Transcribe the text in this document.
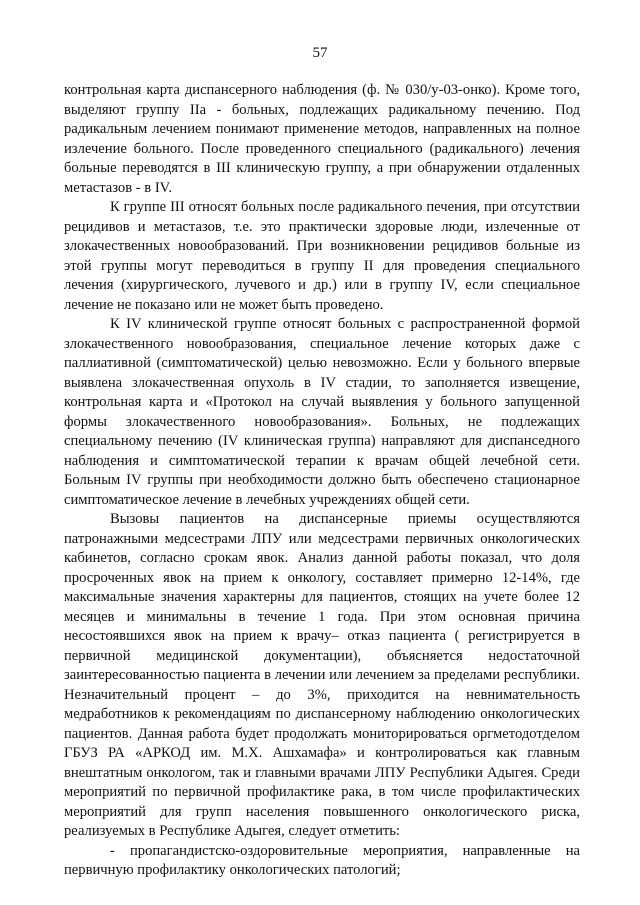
57

контрольная карта диспансерного наблюдения (ф. № 030/у-03-онко). Кроме того, выделяют группу IIа - больных, подлежащих радикальному печению. Под радикальным лечением понимают применение методов, направленных на полное излечение больного. После проведенного специального (радикального) лечения больные переводятся в III клиническую группу, а при обнаружении отдаленных метастазов - в IV.

К группе III относят больных после радикального печения, при отсутствии рецидивов и метастазов, т.е. это практически здоровые люди, излеченные от злокачественных новообразований. При возникновении рецидивов больные из этой группы могут переводиться в группу II для проведения специального лечения (хирургического, лучевого и др.) или в группу IV, если специальное лечение не показано или не может быть проведено.

К IV клинической группе относят больных с распространенной формой злокачественного новообразования, специальное лечение которых даже с паллиативной (симптоматической) целью невозможно. Если у больного впервые выявлена злокачественная опухоль в IV стадии, то заполняется извещение, контрольная карта и «Протокол на случай выявления у больного запущенной формы злокачественного новообразования». Больных, не подлежащих специальному печению (IV клиническая группа) направляют для диспанседного наблюдения и симптоматической терапии к врачам общей лечебной сети. Больным IV группы при необходимости должно быть обеспечено стационарное симптоматическое лечение в лечебных учреждениях общей сети.

Вызовы пациентов на диспансерные приемы осуществляются патронажными медсестрами ЛПУ или медсестрами первичных онкологических кабинетов, согласно срокам явок. Анализ данной работы показал, что доля просроченных явок на прием к онкологу, составляет примерно 12-14%, где максимальные значения характерны для пациентов, стоящих на учете более 12 месяцев и минимальны в течение 1 года. При этом основная причина несостоявшихся явок на прием к врачу– отказ пациента ( регистрируется в первичной медицинской документации), объясняется недостаточной заинтересованностью пациента в лечении или лечением за пределами республики. Незначительный процент – до 3%, приходится на невнимательность медработников к рекомендациям по диспансерному наблюдению онкологических пациентов. Данная работа будет продолжать мониторироваться оргметодотделом ГБУЗ РА «АРКОД им. М.Х. Ашхамафа» и контролироваться как главным внештатным онкологом, так и главными врачами ЛПУ Республики Адыгея. Среди мероприятий по первичной профилактике рака, в том числе профилактических мероприятий для групп населения повышенного онкологического риска, реализуемых в Республике Адыгея, следует отметить:

- пропагандистско-оздоровительные мероприятия, направленные на первичную профилактику онкологических патологий;
